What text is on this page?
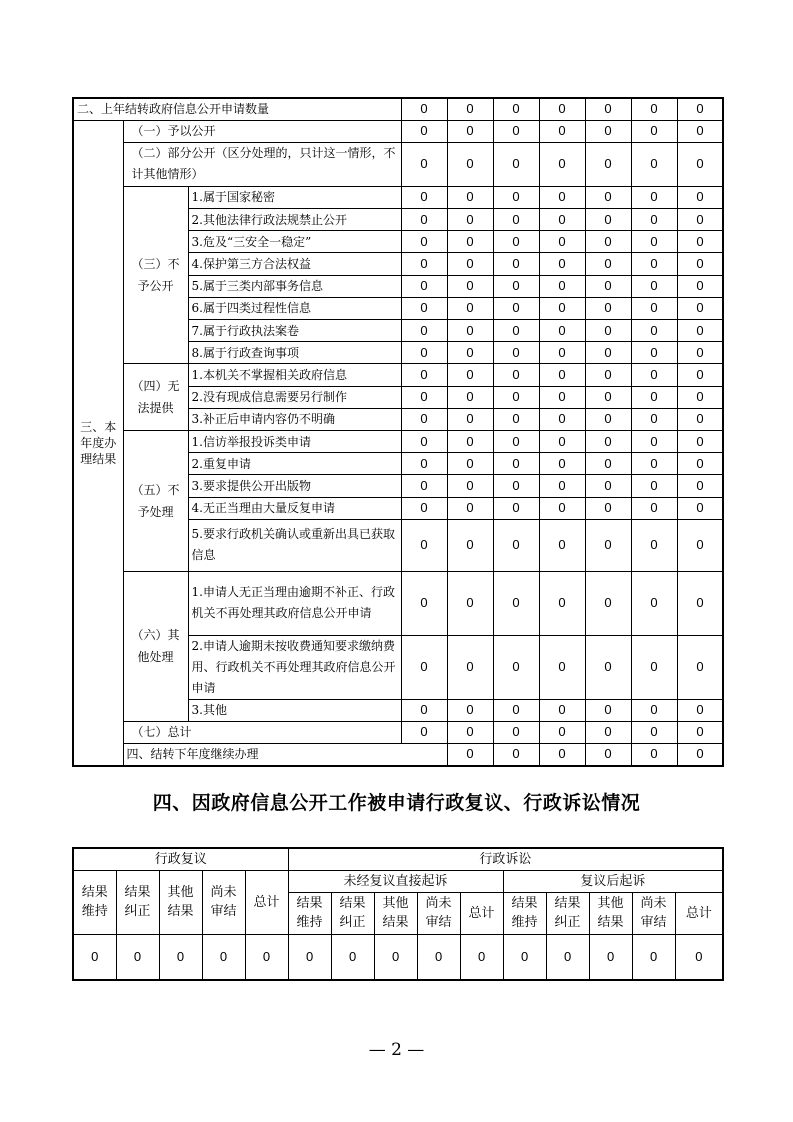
二、上年结转政府信息公开申请数量			0	0	0	0	0	0	0	
三、本年度办理结果	（一）予以公开		0	0	0	0	0	0	0	
	（二）部分公开（区分处理的，只计这一情形，不计其他情形）		0	0	0	0	0	0	0	
	（三）不予公开	1.属于国家秘密	0	0	0	0	0	0	0	
		2.其他法律行政法规禁止公开	0	0	0	0	0	0	0	
		3.危及“三安全一稳定”	0	0	0	0	0	0	0	
		4.保护第三方合法权益	0	0	0	0	0	0	0	
		5.属于三类内部事务信息	0	0	0	0	0	0	0	
		6.属于四类过程性信息	0	0	0	0	0	0	0	
		7.属于行政执法案卷	0	0	0	0	0	0	0	
		8.属于行政查询事项	0	0	0	0	0	0	0	
	（四）无法提供	1.本机关不掌握相关政府信息	0	0	0	0	0	0	0	
		2.没有现成信息需要另行制作	0	0	0	0	0	0	0	
		3.补正后申请内容仍不明确	0	0	0	0	0	0	0	
	（五）不予处理	1.信访举报投诉类申请	0	0	0	0	0	0	0	
		2.重复申请	0	0	0	0	0	0	0	
		3.要求提供公开出版物	0	0	0	0	0	0	0	
		4.无正当理由大量反复申请	0	0	0	0	0	0	0	
		5.要求行政机关确认或重新出具已获取信息	0	0	0	0	0	0	0	
	（六）其他处理	1.申请人无正当理由逾期不补正、行政机关不再处理其政府信息公开申请	0	0	0	0	0	0	0	
		2.申请人逾期未按收费通知要求缴纳费用、行政机关不再处理其政府信息公开申请	0	0	0	0	0	0	0	
		3.其他	0	0	0	0	0	0	0	
	（七）总计		0	0	0	0	0	0	0	
	四、结转下年度继续办理			0	0	0	0	0	0	
四、因政府信息公开工作被申请行政复议、行政诉讼情况
行政复议					行政诉讼									
结果维持	结果纠正	其他结果	尚未审结	总计	未经复议直接起诉					复议后起诉				
					结果维持	结果纠正	其他结果	尚未审结	总计	结果维持	结果纠正	其他结果	尚未审结	总计
0	0	0	0	0	0	0	0	0	0	0	0	0	0	0
— 2 —
